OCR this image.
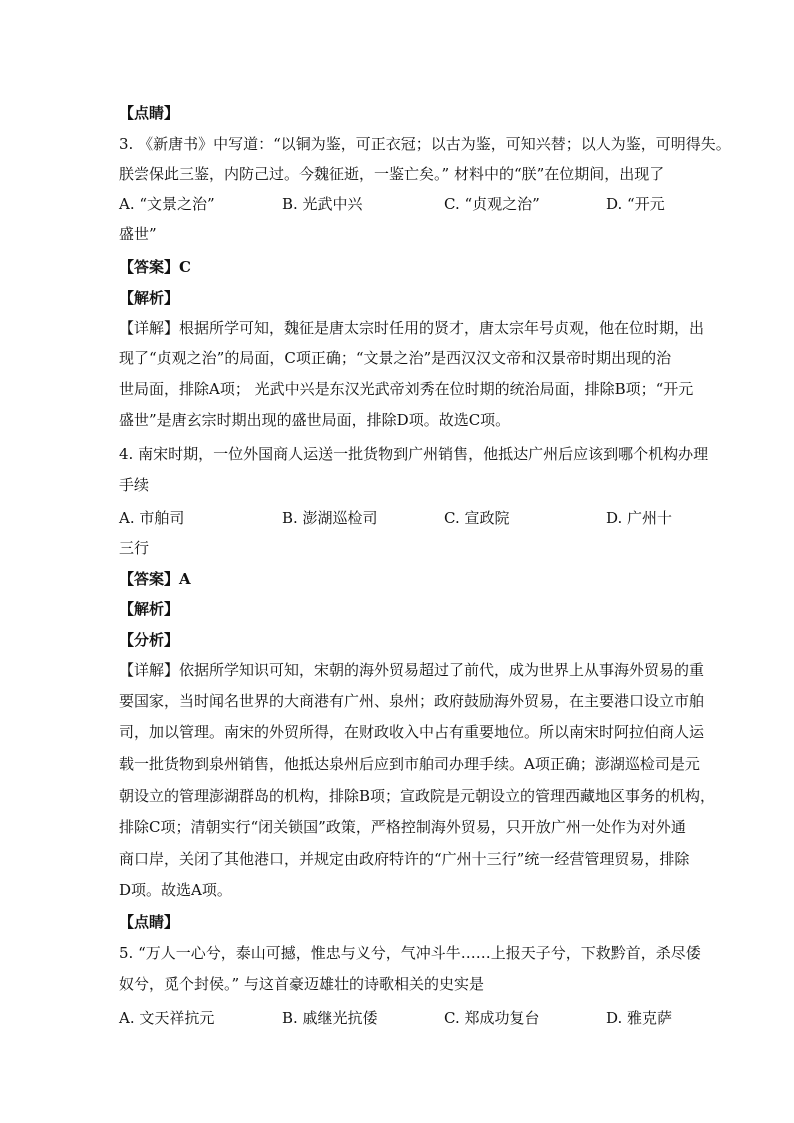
【点睛】
3. 《新唐书》中写道：“以铜为鉴，可正衣冠；以古为鉴，可知兴替；以人为鉴，可明得失。
朕尝保此三鉴，内防己过。今魏征逝，一鉴亡矣。” 材料中的“朕”在位期间，出现了
A. “文景之治”	B. 光武中兴	C. “贞观之治”	D. “开元
盛世”
【答案】C
【解析】
【详解】根据所学可知，魏征是唐太宗时任用的贤才，唐太宗年号贞观，他在位时期，出
现了“贞观之治”的局面，C项正确；“文景之治”是西汉汉文帝和汉景帝时期出现的治
世局面，排除A项； 光武中兴是东汉光武帝刘秀在位时期的统治局面，排除B项；“开元
盛世”是唐玄宗时期出现的盛世局面，排除D项。故选C项。
4. 南宋时期，一位外国商人运送一批货物到广州销售，他抵达广州后应该到哪个机构办理
手续
A. 市舶司	B. 澎湖巡检司	C. 宣政院	D. 广州十
三行
【答案】A
【解析】
【分析】
【详解】依据所学知识可知，宋朝的海外贸易超过了前代，成为世界上从事海外贸易的重
要国家，当时闻名世界的大商港有广州、泉州；政府鼓励海外贸易，在主要港口设立市舶
司，加以管理。南宋的外贸所得，在财政收入中占有重要地位。所以南宋时阿拉伯商人运
载一批货物到泉州销售，他抵达泉州后应到市舶司办理手续。A项正确；澎湖巡检司是元
朝设立的管理澎湖群岛的机构，排除B项；宣政院是元朝设立的管理西藏地区事务的机构，
排除C项；清朝实行“闭关锁国”政策，严格控制海外贸易，只开放广州一处作为对外通
商口岸，关闭了其他港口，并规定由政府特许的“广州十三行”统一经营管理贸易，排除
D项。故选A项。
【点睛】
5. “万人一心兮，泰山可撼，惟忠与义兮，气冲斗牛……上报天子兮，下救黔首，杀尽倭
奴兮，觅个封侯。” 与这首豪迈雄壮的诗歌相关的史实是
A. 文天祥抗元	B. 戚继光抗倭	C. 郑成功复台	D. 雅克萨
